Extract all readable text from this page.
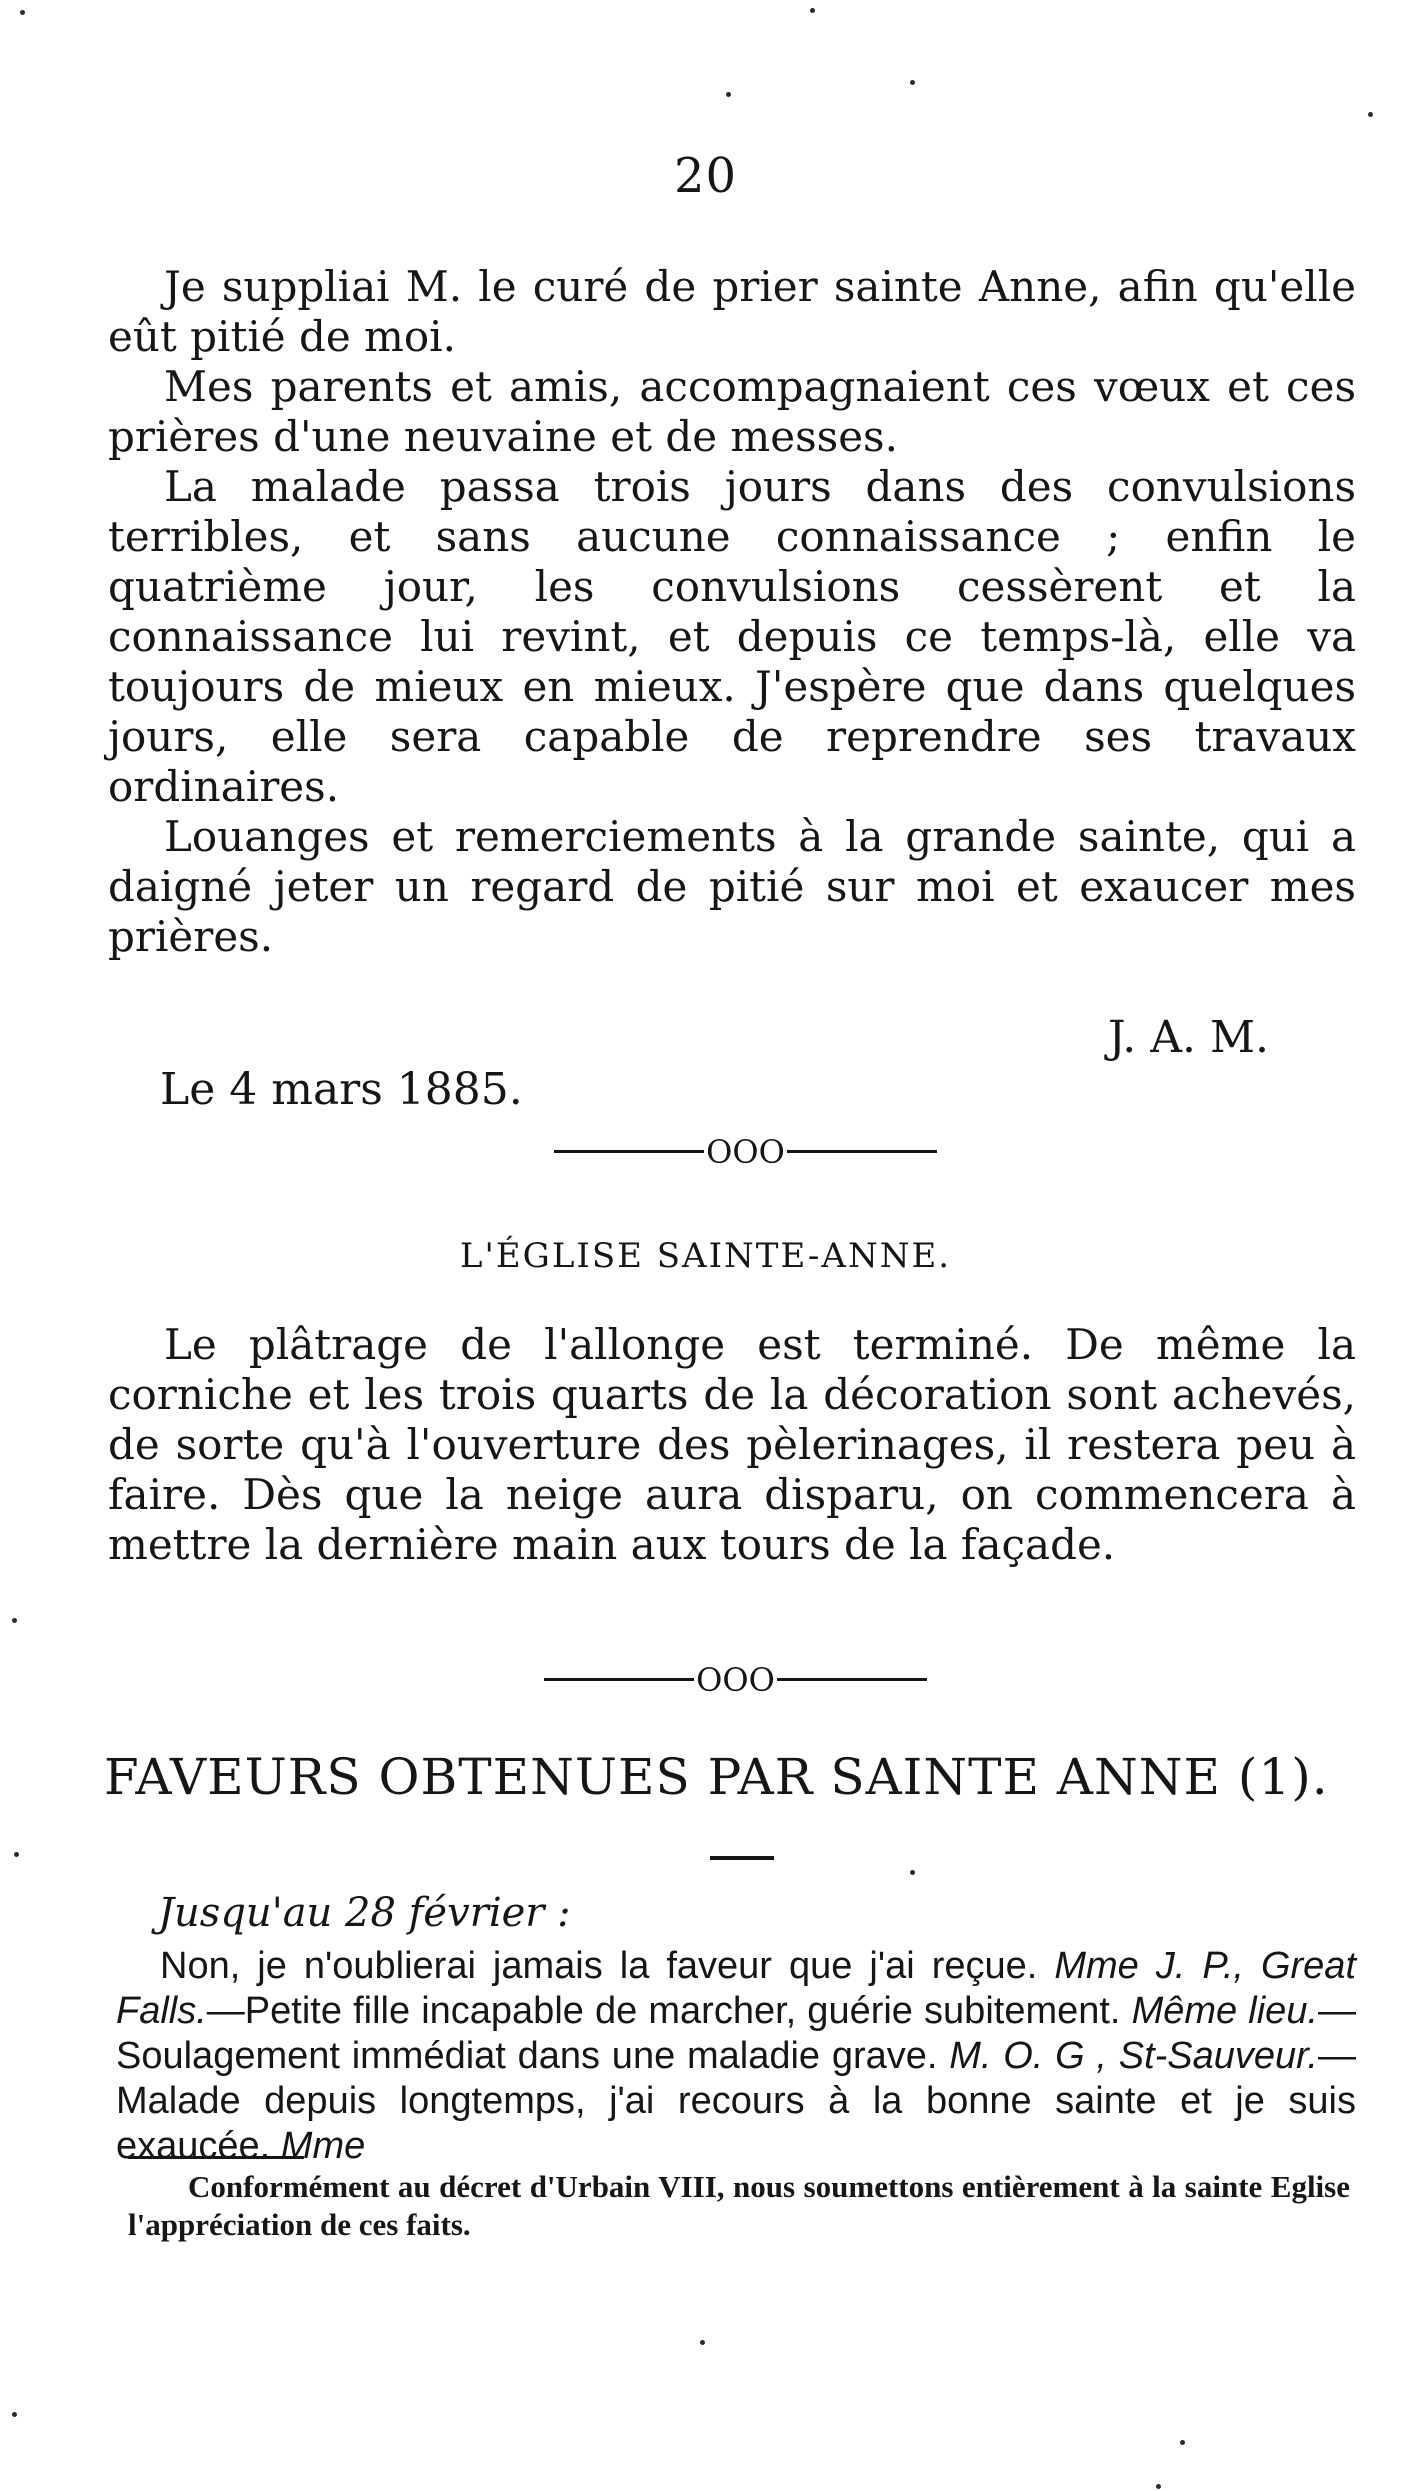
20

Je suppliai M. le curé de prier sainte Anne, afin qu'elle eût pitié de moi.

Mes parents et amis, accompagnaient ces vœux et ces prières d'une neuvaine et de messes.

La malade passa trois jours dans des convulsions terribles, et sans aucune connaissance ; enfin le quatrième jour, les convulsions cessèrent et la connaissance lui revint, et depuis ce temps-là, elle va toujours de mieux en mieux. J'espère que dans quelques jours, elle sera capable de reprendre ses travaux ordinaires.

Louanges et remerciements à la grande sainte, qui a daigné jeter un regard de pitié sur moi et exaucer mes prières.

J. A. M.
Le 4 mars 1885.
OOO
L'ÉGLISE SAINTE-ANNE.

Le plâtrage de l'allonge est terminé. De même la corniche et les trois quarts de la décoration sont achevés, de sorte qu'à l'ouverture des pèlerinages, il restera peu à faire. Dès que la neige aura disparu, on commencera à mettre la dernière main aux tours de la façade.

OOO
FAVEURS OBTENUES PAR SAINTE ANNE (1).
Jusqu'au 28 février :

Non, je n'oublierai jamais la faveur que j'ai reçue. Mme J. P., Great Falls.—Petite fille incapable de marcher, guérie subitement. Même lieu.—Soulagement immédiat dans une maladie grave. M. O. G , St-Sauveur.—Malade depuis longtemps, j'ai recours à la bonne sainte et je suis exaucée. Mme

Conformément au décret d'Urbain VIII, nous soumettons entièrement à la sainte Eglise l'appréciation de ces faits.
